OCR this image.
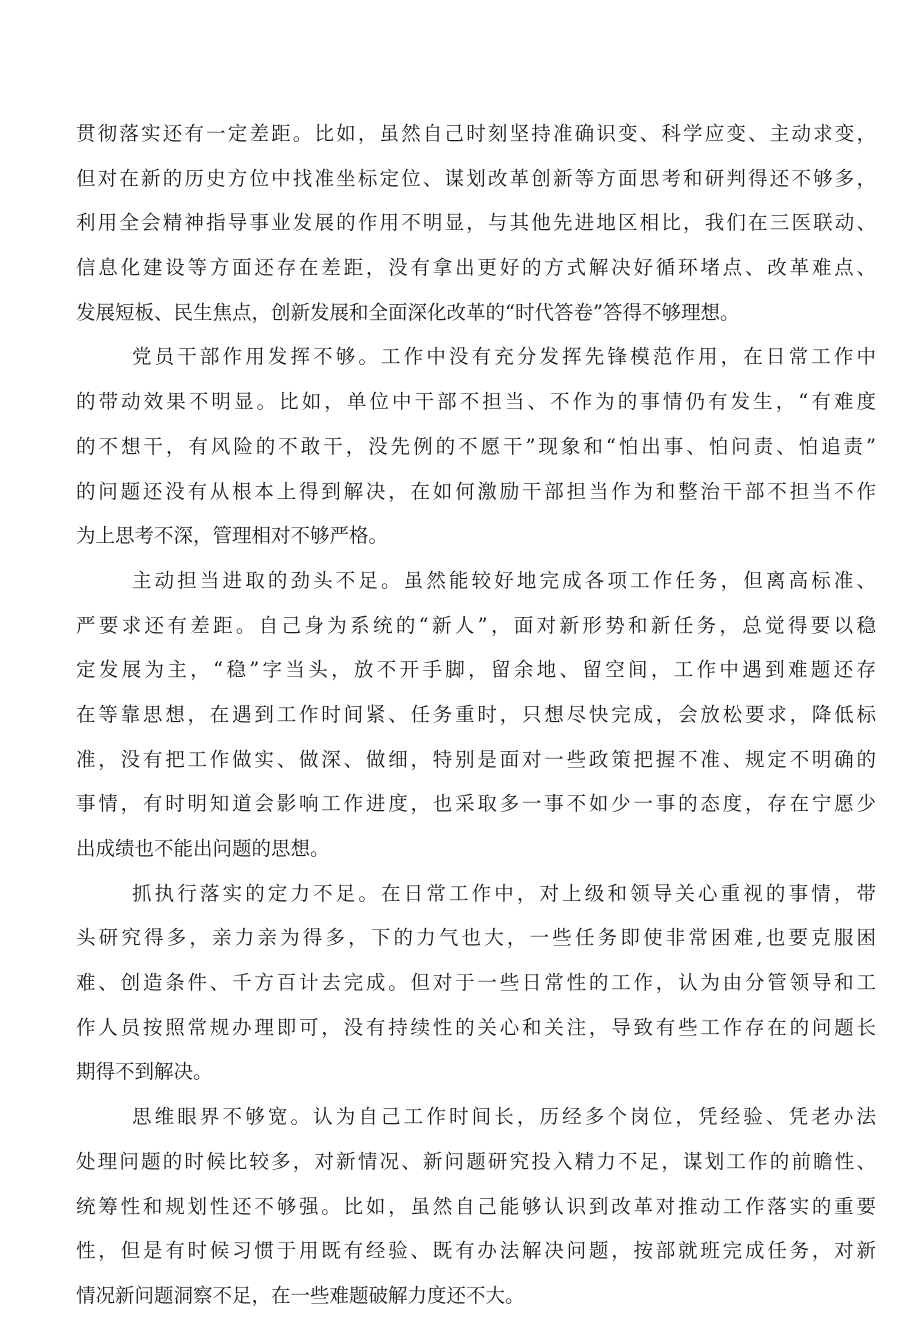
贯彻落实还有一定差距。比如，虽然自己时刻坚持准确识变、科学应变、主动求变，
但对在新的历史方位中找准坐标定位、谋划改革创新等方面思考和研判得还不够多，
利用全会精神指导事业发展的作用不明显，与其他先进地区相比，我们在三医联动、
信息化建设等方面还存在差距，没有拿出更好的方式解决好循环堵点、改革难点、
发展短板、民生焦点，创新发展和全面深化改革的“时代答卷”答得不够理想。
党员干部作用发挥不够。工作中没有充分发挥先锋模范作用，在日常工作中
的带动效果不明显。比如，单位中干部不担当、不作为的事情仍有发生，“有难度
的不想干，有风险的不敢干，没先例的不愿干”现象和“怕出事、怕问责、怕追责”
的问题还没有从根本上得到解决，在如何激励干部担当作为和整治干部不担当不作
为上思考不深，管理相对不够严格。
主动担当进取的劲头不足。虽然能较好地完成各项工作任务，但离高标准、
严要求还有差距。自己身为系统的“新人”，面对新形势和新任务，总觉得要以稳
定发展为主，“稳”字当头，放不开手脚，留余地、留空间，工作中遇到难题还存
在等靠思想，在遇到工作时间紧、任务重时，只想尽快完成，会放松要求，降低标
准，没有把工作做实、做深、做细，特别是面对一些政策把握不准、规定不明确的
事情，有时明知道会影响工作进度，也采取多一事不如少一事的态度，存在宁愿少
出成绩也不能出问题的思想。
抓执行落实的定力不足。在日常工作中，对上级和领导关心重视的事情，带
头研究得多，亲力亲为得多，下的力气也大，一些任务即使非常困难,也要克服困
难、创造条件、千方百计去完成。但对于一些日常性的工作，认为由分管领导和工
作人员按照常规办理即可，没有持续性的关心和关注，导致有些工作存在的问题长
期得不到解决。
思维眼界不够宽。认为自己工作时间长，历经多个岗位，凭经验、凭老办法
处理问题的时候比较多，对新情况、新问题研究投入精力不足，谋划工作的前瞻性、
统筹性和规划性还不够强。比如，虽然自己能够认识到改革对推动工作落实的重要
性，但是有时候习惯于用既有经验、既有办法解决问题，按部就班完成任务，对新
情况新问题洞察不足，在一些难题破解力度还不大。
